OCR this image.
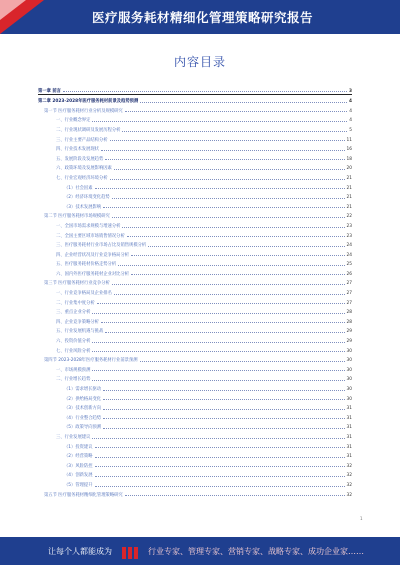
医疗服务耗材精细化管理策略研究报告
内容目录
第一章 前言	3
第二章 2023-2028年医疗服务耗材前景及趋势预测	4
第一节 医疗服务耗材行业分析及规模研究	4
一、行业概念界定	4
二、行业现状调研及发展历程分析	5
三、行业主要产品结构分析	11
四、行业技术发展现状	16
五、发展阶段及发展趋势	18
六、政策环境及发展影响因素	20
七、行业宏观经济环境分析	21
（1）社会因素	21
（2）经济环境变化趋势	21
（3）技术发展影响	21
第二节 医疗服务耗材市场规模研究	22
一、全国市场需求规模与增速分析	23
二、全国主要区域市场销售情况分析	23
三、医疗服务耗材行业市场占比及销售规模分析	24
四、企业经营状况及行业竞争格局分析	24
五、医疗服务耗材价格走势分析	25
六、国内外医疗服务耗材企业对比分析	26
第三节 医疗服务耗材行业竞争分析	27
一、行业竞争格局及企业排名	27
二、行业集中度分析	27
三、重点企业分析	28
四、企业竞争策略分析	28
五、行业发展机遇与挑战	29
六、投资价值分析	29
七、行业风险分析	30
第四节 2023-2028年医疗服务耗材行业前景预测	30
一、市场规模预测	30
二、行业增长趋势	30
（1）需求增长驱动	30
（2）供给格局变化	30
（3）技术创新方向	31
（4）行业整合趋势	31
（5）政策导向预测	31
三、行业发展建议	31
（1）投资建议	31
（2）经营策略	31
（3）风险防控	32
（4）创新发展	32
（5）管理提升	32
第五节 医疗服务耗材精细化管理策略研究	32
1
让每个人都能成为	行业专家、管理专家、营销专家、战略专家、成功企业家……
